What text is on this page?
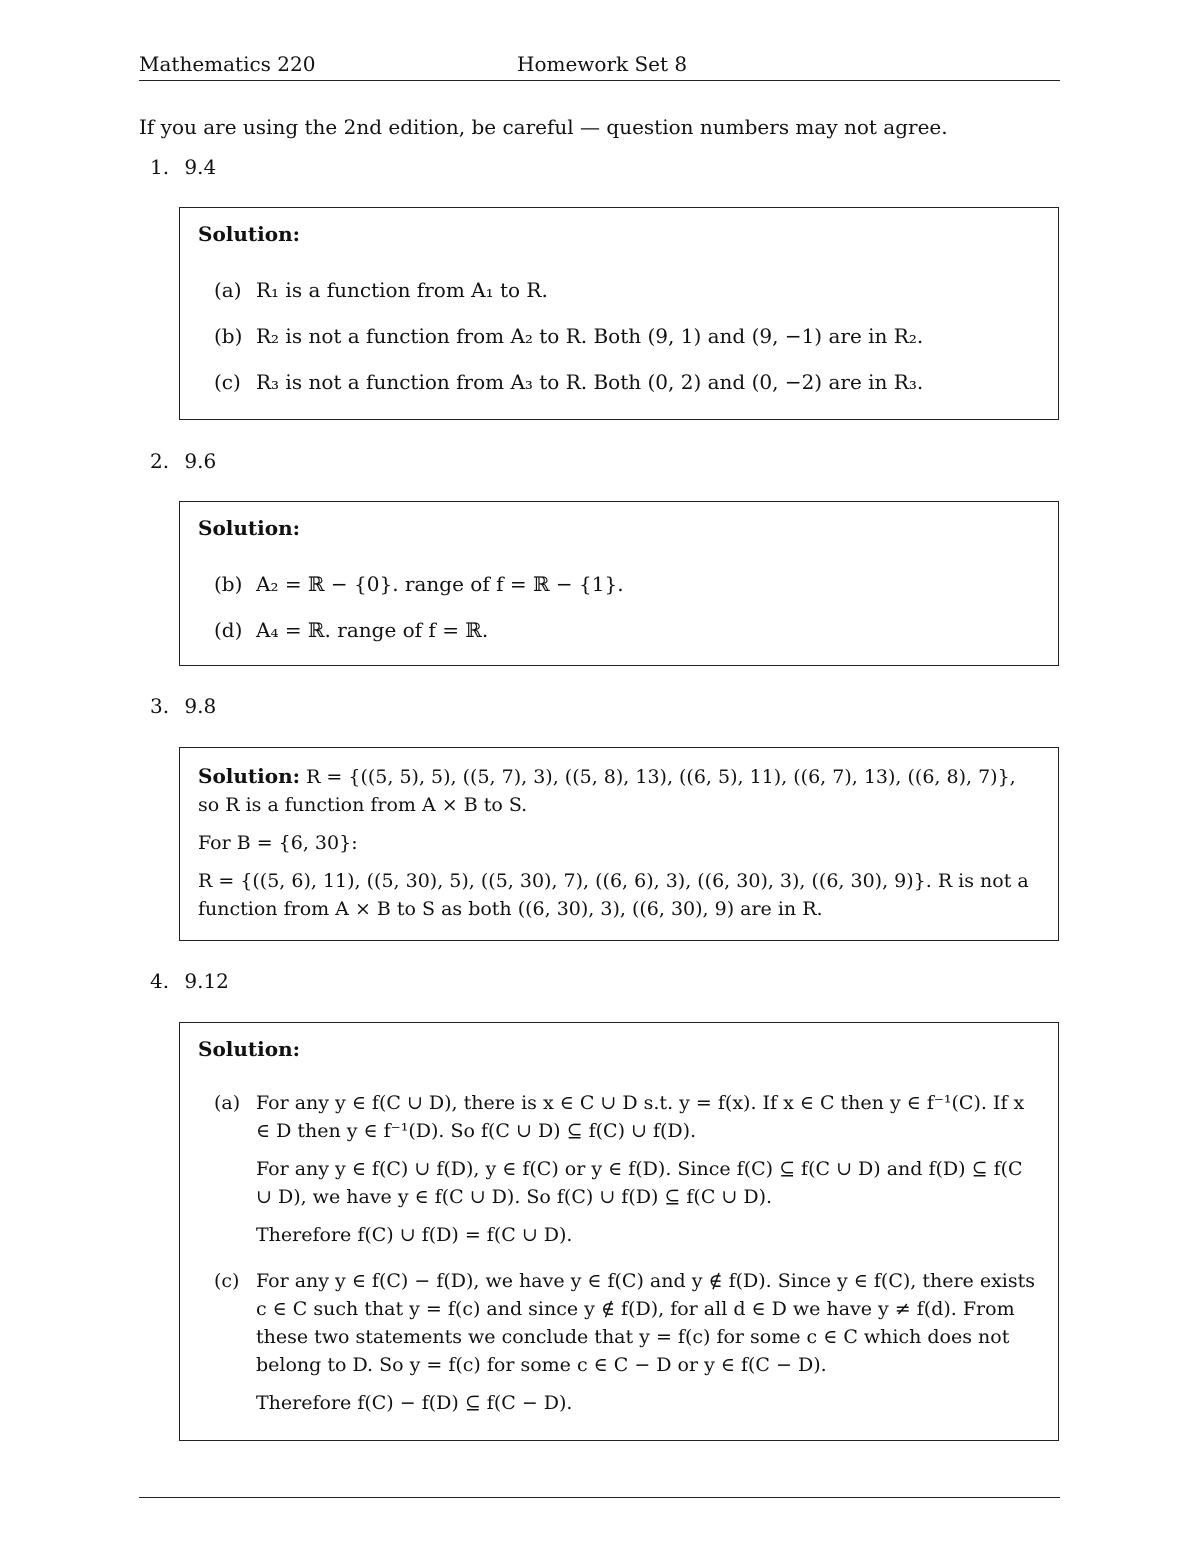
Mathematics 220	Homework Set 8
If you are using the 2nd edition, be careful — question numbers may not agree.
1. 9.4
Solution:
(a) R₁ is a function from A₁ to R.
(b) R₂ is not a function from A₂ to R. Both (9, 1) and (9, −1) are in R₂.
(c) R₃ is not a function from A₃ to R. Both (0, 2) and (0, −2) are in R₃.
2. 9.6
Solution:
(b) A₂ = ℝ − {0}. range of f = ℝ − {1}.
(d) A₄ = ℝ. range of f = ℝ.
3. 9.8
Solution: R = {((5, 5), 5), ((5, 7), 3), ((5, 8), 13), ((6, 5), 11), ((6, 7), 13), ((6, 8), 7)}, so R is a function from A × B to S.
For B = {6, 30}:
R = {((5, 6), 11), ((5, 30), 5), ((5, 30), 7), ((6, 6), 3), ((6, 30), 3), ((6, 30), 9)}. R is not a function from A × B to S as both ((6, 30), 3), ((6, 30), 9) are in R.
4. 9.12
Solution:
(a) For any y ∈ f(C ∪ D), there is x ∈ C ∪ D s.t. y = f(x). If x ∈ C then y ∈ f⁻¹(C). If x ∈ D then y ∈ f⁻¹(D). So f(C ∪ D) ⊆ f(C) ∪ f(D).
For any y ∈ f(C) ∪ f(D), y ∈ f(C) or y ∈ f(D). Since f(C) ⊆ f(C ∪ D) and f(D) ⊆ f(C ∪ D), we have y ∈ f(C ∪ D). So f(C) ∪ f(D) ⊆ f(C ∪ D).
Therefore f(C) ∪ f(D) = f(C ∪ D).
(c) For any y ∈ f(C) − f(D), we have y ∈ f(C) and y ∉ f(D). Since y ∈ f(C), there exists c ∈ C such that y = f(c) and since y ∉ f(D), for all d ∈ D we have y ≠ f(d). From these two statements we conclude that y = f(c) for some c ∈ C which does not belong to D. So y = f(c) for some c ∈ C − D or y ∈ f(C − D).
Therefore f(C) − f(D) ⊆ f(C − D).
